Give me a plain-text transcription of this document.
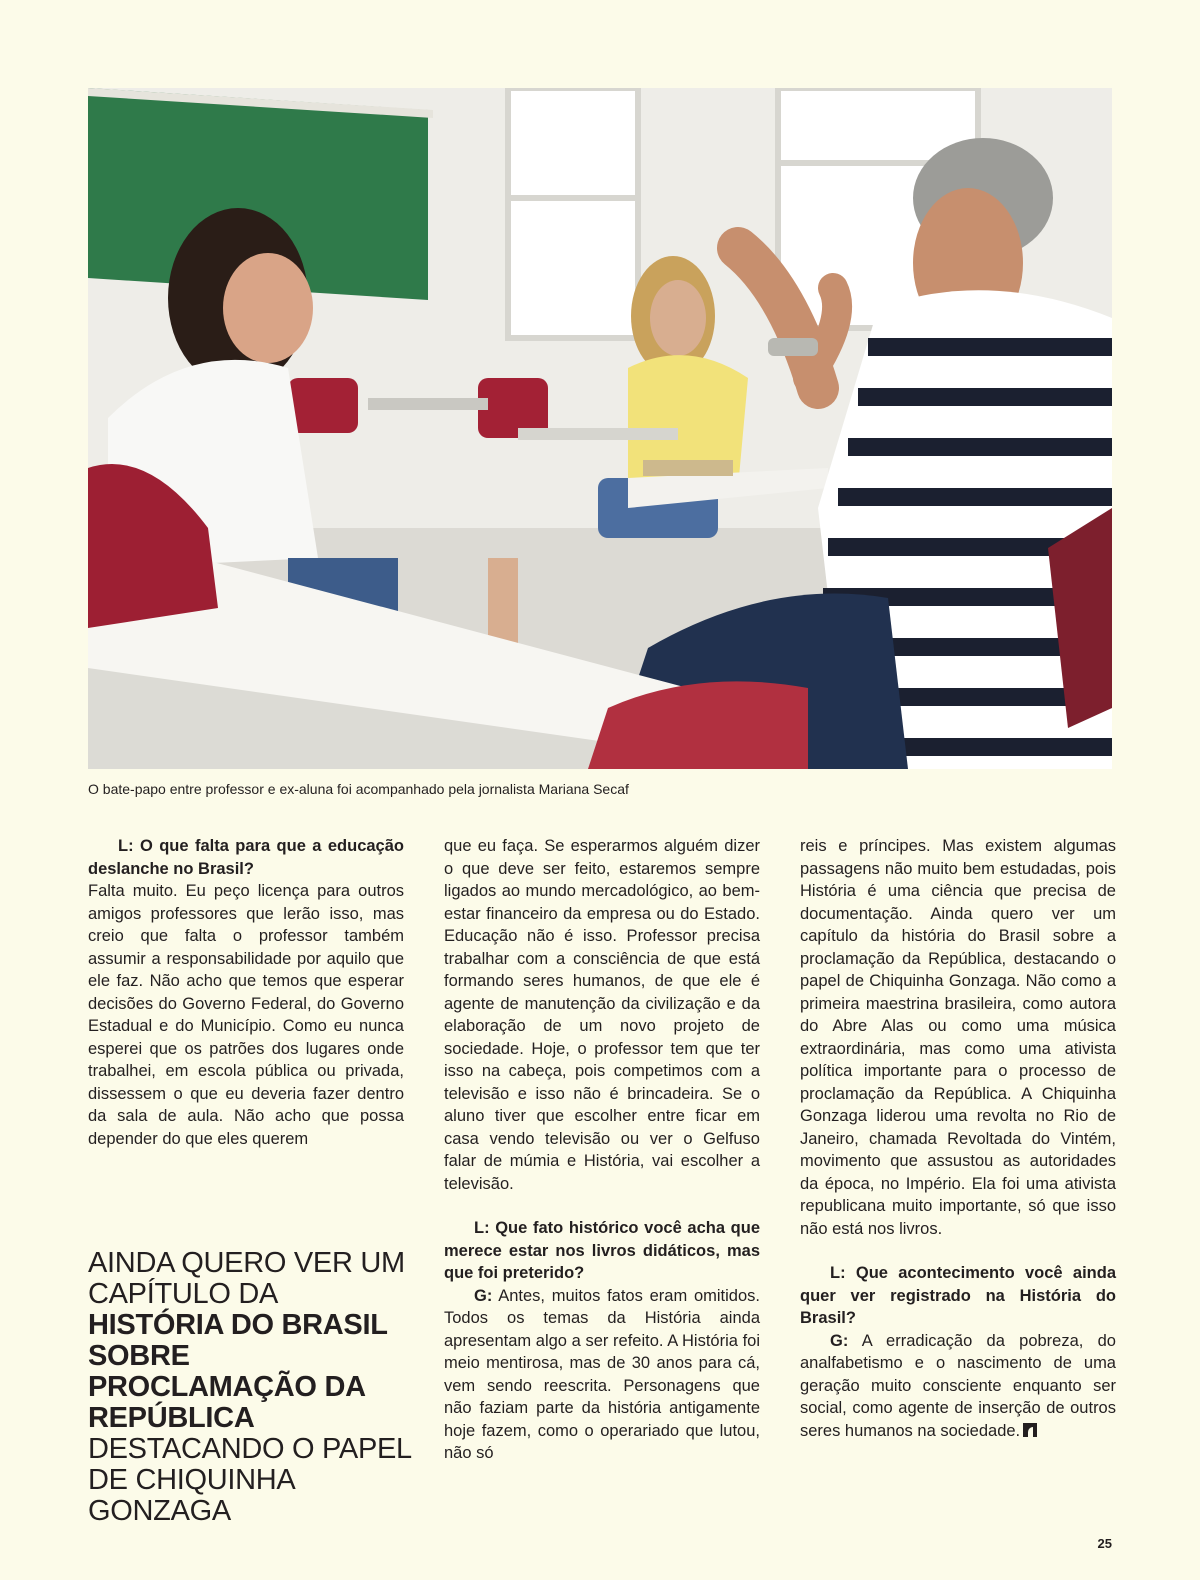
O bate-papo entre professor e ex-aluna foi acompanhado pela jornalista Mariana Secaf

L: O que falta para que a educação deslanche no Brasil?

Falta muito. Eu peço licença para outros amigos professores que lerão isso, mas creio que falta o professor também assumir a responsabilidade por aquilo que ele faz. Não acho que temos que esperar decisões do Governo Federal, do Governo Estadual e do Município. Como eu nunca esperei que os patrões dos lugares onde trabalhei, em escola pública ou privada, dissessem o que eu deveria fazer dentro da sala de aula. Não acho que possa depender do que eles querem

AINDA QUERO VER UM CAPÍTULO DA HISTÓRIA DO BRASIL SOBRE PROCLAMAÇÃO DA REPÚBLICA DESTACANDO O PAPEL DE CHIQUINHA GONZAGA

que eu faça. Se esperarmos alguém dizer o que deve ser feito, estaremos sempre ligados ao mundo mercadológico, ao bem-estar financeiro da empresa ou do Estado. Educação não é isso. Professor precisa trabalhar com a consciência de que está formando seres humanos, de que ele é agente de manutenção da civilização e da elaboração de um novo projeto de sociedade. Hoje, o professor tem que ter isso na cabeça, pois competimos com a televisão e isso não é brincadeira. Se o aluno tiver que escolher entre ficar em casa vendo televisão ou ver o Gelfuso falar de múmia e História, vai escolher a televisão.

L: Que fato histórico você acha que merece estar nos livros didáticos, mas que foi preterido?

G: Antes, muitos fatos eram omitidos. Todos os temas da História ainda apresentam algo a ser refeito. A História foi meio mentirosa, mas de 30 anos para cá, vem sendo reescrita. Personagens que não faziam parte da história antigamente hoje fazem, como o operariado que lutou, não só

reis e príncipes. Mas existem algumas passagens não muito bem estudadas, pois História é uma ciência que precisa de documentação. Ainda quero ver um capítulo da história do Brasil sobre a proclamação da República, destacando o papel de Chiquinha Gonzaga. Não como a primeira maestrina brasileira, como autora do Abre Alas ou como uma música extraordinária, mas como uma ativista política importante para o processo de proclamação da República. A Chiquinha Gonzaga liderou uma revolta no Rio de Janeiro, chamada Revoltada do Vintém, movimento que assustou as autoridades da época, no Império. Ela foi uma ativista republicana muito importante, só que isso não está nos livros.

L: Que acontecimento você ainda quer ver registrado na História do Brasil?

G: A erradicação da pobreza, do analfabetismo e o nascimento de uma geração muito consciente enquanto ser social, como agente de inserção de outros seres humanos na sociedade.

25
